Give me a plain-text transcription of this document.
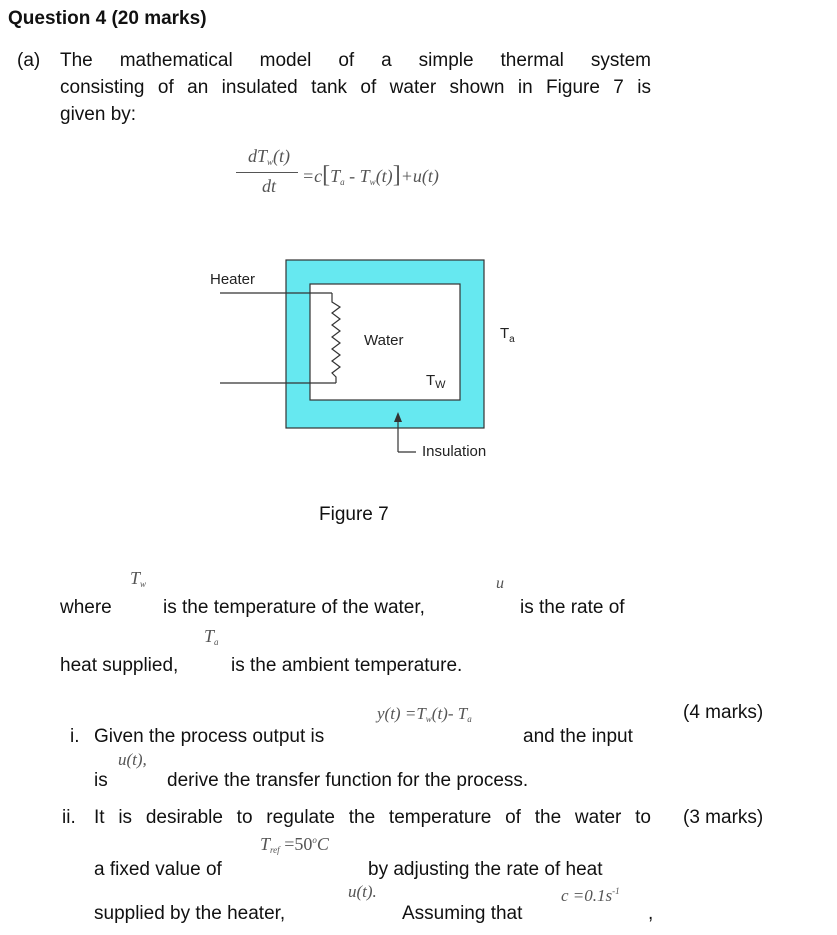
Question 4 (20 marks)
(a) The mathematical model of a simple thermal system
consisting of an insulated tank of water shown in Figure 7 is
given by:
$dT_w(t)$
dt	$=c[T_a - T_w(t)]+u(t)$
Heater
Water	$T_a$
$T_W$
Insulation
Figure 7
$T_w$	u
where	is the temperature of the water,	is the rate of
$T_a$
heat supplied,	is the ambient temperature.
$y(t) =T_w(t)-$ $T_a$	(4 marks)
i. Given the process output is	and the input
u(t),
is	derive the transfer function for the process.
ii. It is desirable to regulate the temperature of the water to (3 marks)
$T_{ref} =50^oC$
a fixed value of	by adjusting the rate of heat
u(t).	$c =0.1s^{-1}$
supplied by the heater,	Assuming that	,
